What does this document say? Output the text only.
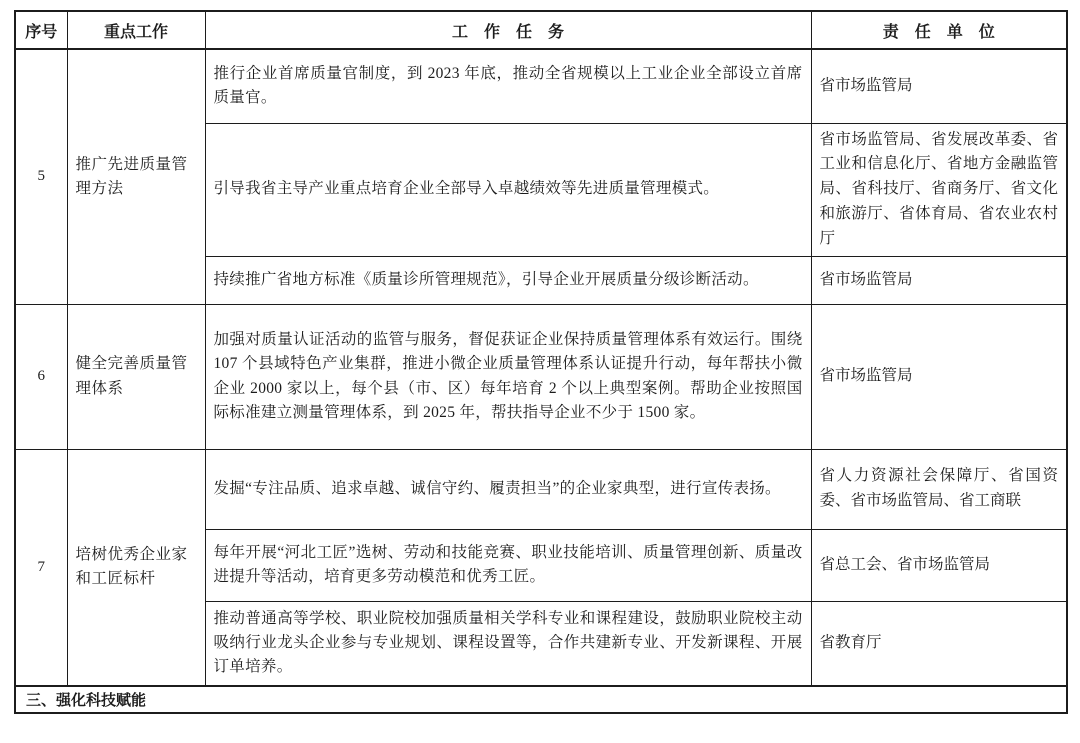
序号	重点工作	工　作　任　务	责　任　单　位
5	推广先进质量管理方法	推行企业首席质量官制度，到 2023 年底，推动全省规模以上工业企业全部设立首席质量官。	省市场监管局
		引导我省主导产业重点培育企业全部导入卓越绩效等先进质量管理模式。	省市场监管局、省发展改革委、省工业和信息化厅、省地方金融监管局、省科技厅、省商务厅、省文化和旅游厅、省体育局、省农业农村厅
		持续推广省地方标准《质量诊所管理规范》，引导企业开展质量分级诊断活动。	省市场监管局
6	健全完善质量管理体系	加强对质量认证活动的监管与服务，督促获证企业保持质量管理体系有效运行。围绕 107 个县域特色产业集群，推进小微企业质量管理体系认证提升行动，每年帮扶小微企业 2000 家以上，每个县（市、区）每年培育 2 个以上典型案例。帮助企业按照国际标准建立测量管理体系，到 2025 年，帮扶指导企业不少于 1500 家。	省市场监管局
7	培树优秀企业家和工匠标杆	发掘“专注品质、追求卓越、诚信守约、履责担当”的企业家典型，进行宣传表扬。	省人力资源社会保障厅、省国资委、省市场监管局、省工商联
		每年开展“河北工匠”选树、劳动和技能竞赛、职业技能培训、质量管理创新、质量改进提升等活动，培育更多劳动模范和优秀工匠。	省总工会、省市场监管局
		推动普通高等学校、职业院校加强质量相关学科专业和课程建设，鼓励职业院校主动吸纳行业龙头企业参与专业规划、课程设置等，合作共建新专业、开发新课程、开展订单培养。	省教育厅
三、强化科技赋能			
